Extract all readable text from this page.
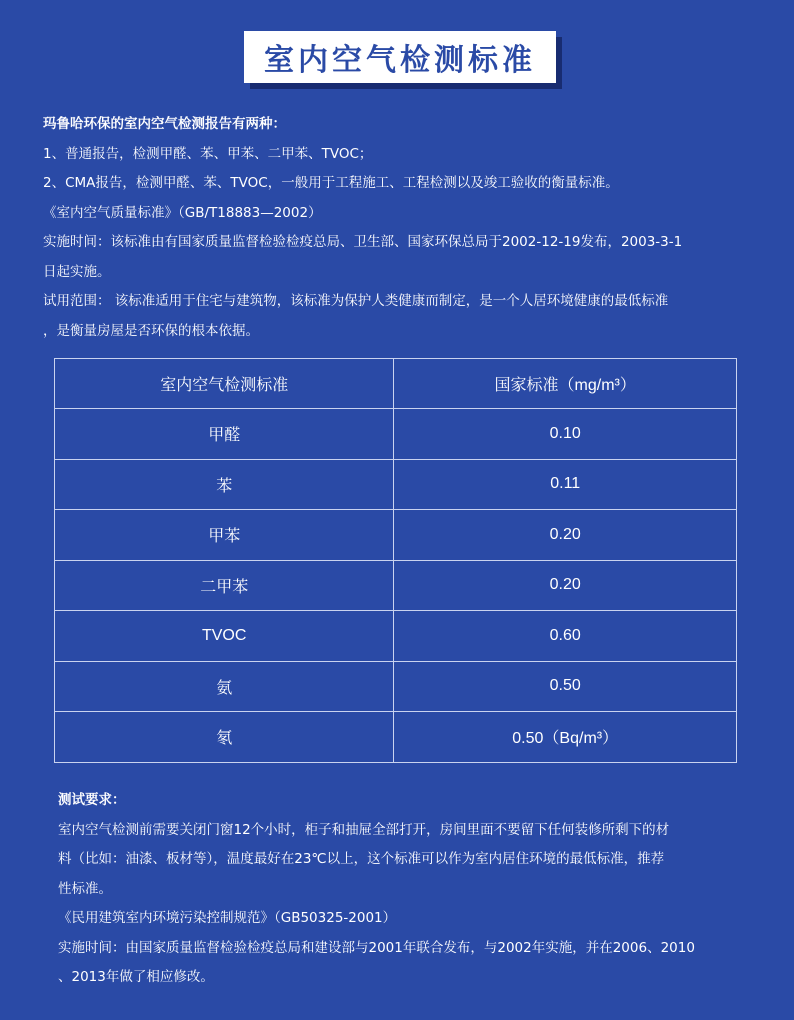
室内空气检测标准

玛鲁哈环保的室内空气检测报告有两种：

1、普通报告，检测甲醛、苯、甲苯、二甲苯、TVOC；

2、CMA报告，检测甲醛、苯、TVOC，一般用于工程施工、工程检测以及竣工验收的衡量标准。

《室内空气质量标准》（GB/T18883—2002）

实施时间：该标准由有国家质量监督检验检疫总局、卫生部、国家环保总局于2002-12-19发布，2003-3-1

日起实施。

试用范围： 该标准适用于住宅与建筑物，该标准为保护人类健康而制定，是一个人居环境健康的最低标准

，是衡量房屋是否环保的根本依据。

室内空气检测标准	国家标准（mg/m³）
甲醛	0.10
苯	0.11
甲苯	0.20
二甲苯	0.20
TVOC	0.60
氨	0.50
氡	0.50（Bq/m³）

测试要求：

室内空气检测前需要关闭门窗12个小时，柜子和抽屉全部打开，房间里面不要留下任何装修所剩下的材

料（比如：油漆、板材等），温度最好在23℃以上，这个标准可以作为室内居住环境的最低标准，推荐

性标准。

《民用建筑室内环境污染控制规范》（GB50325-2001）

实施时间：由国家质量监督检验检疫总局和建设部与2001年联合发布，与2002年实施，并在2006、2010

、2013年做了相应修改。
